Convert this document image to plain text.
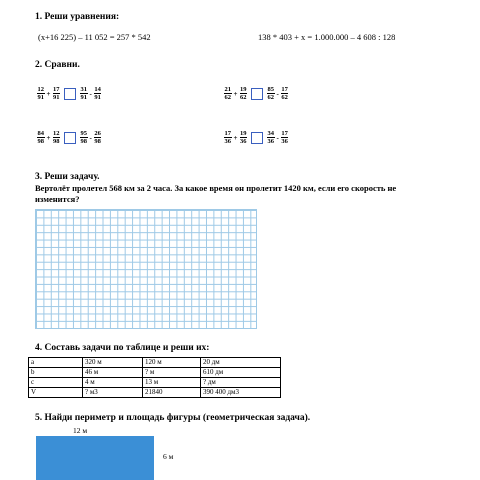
1. Реши уравнения:
(x+16 225) – 11 052 = 257 * 542	138 * 403 + x = 1.000.000 – 4 608 : 128
2. Сравни.
$\frac{12}{91} + \frac{17}{91}$	$\frac{31}{91} - \frac{14}{91}$	$\frac{21}{62} + \frac{19}{62}$	$\frac{85}{62} - \frac{17}{62}$
$\frac{84}{98} + \frac{12}{98}$	$\frac{95}{98} - \frac{26}{98}$	$\frac{17}{36} + \frac{19}{36}$	$\frac{34}{36} - \frac{17}{36}$
3. Реши задачу.
Вертолёт пролетел 568 км за 2 часа. За какое время он пролетит 1420 км, если его скорость не
изменится?
4. Составь задачи по таблице и реши их:
a	320 м	120 м	20 дм
b	46 м	? м	610 дм
c	4 м	13 м	? дм
V	? м3	21840	390 400 дм3
5. Найди периметр и площадь фигуры (геометрическая задача).
12 м
6 м
